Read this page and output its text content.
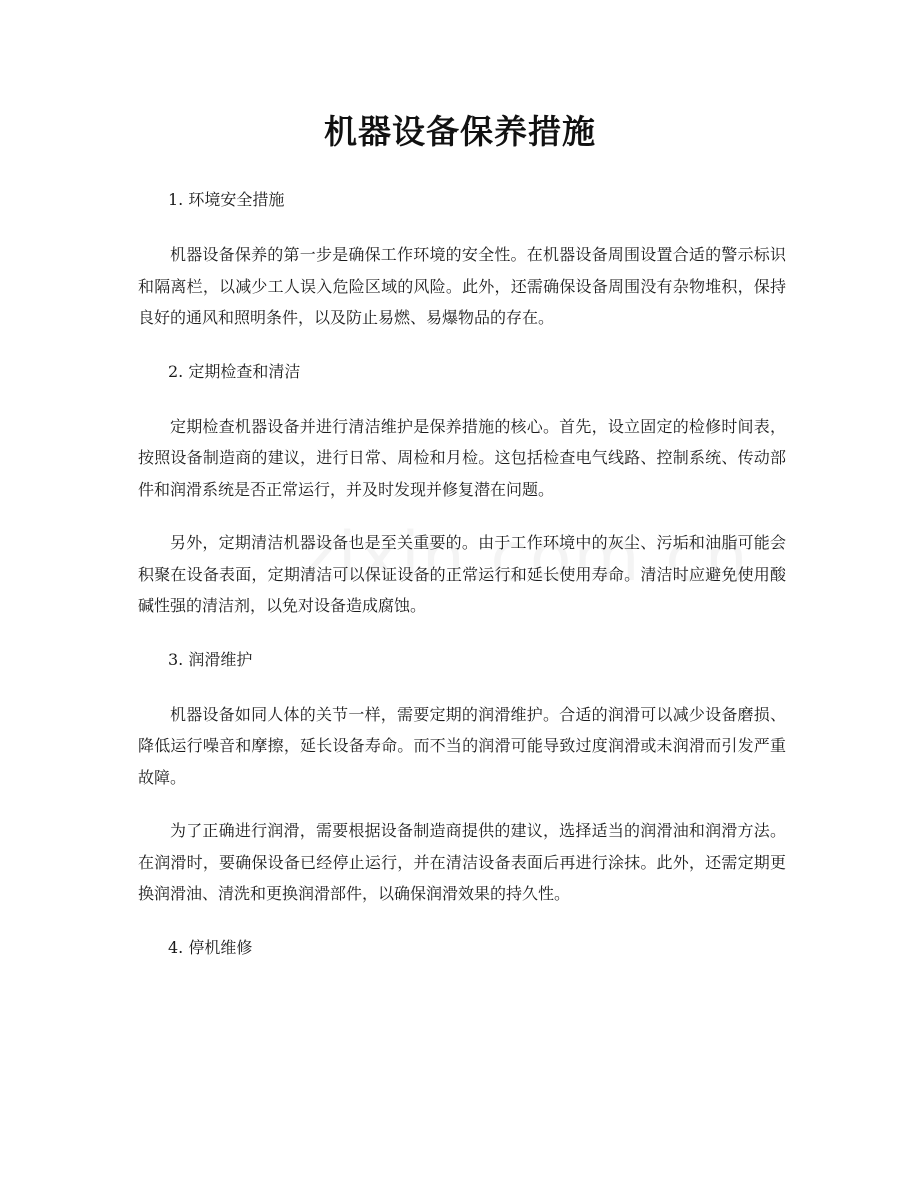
机器设备保养措施

1. 环境安全措施

机器设备保养的第一步是确保工作环境的安全性。在机器设备周围设置合适的警示标识和隔离栏，以减少工人误入危险区域的风险。此外，还需确保设备周围没有杂物堆积，保持良好的通风和照明条件，以及防止易燃、易爆物品的存在。

2. 定期检查和清洁

定期检查机器设备并进行清洁维护是保养措施的核心。首先，设立固定的检修时间表，按照设备制造商的建议，进行日常、周检和月检。这包括检查电气线路、控制系统、传动部件和润滑系统是否正常运行，并及时发现并修复潜在问题。

另外，定期清洁机器设备也是至关重要的。由于工作环境中的灰尘、污垢和油脂可能会积聚在设备表面，定期清洁可以保证设备的正常运行和延长使用寿命。清洁时应避免使用酸碱性强的清洁剂，以免对设备造成腐蚀。

3. 润滑维护

机器设备如同人体的关节一样，需要定期的润滑维护。合适的润滑可以减少设备磨损、降低运行噪音和摩擦，延长设备寿命。而不当的润滑可能导致过度润滑或未润滑而引发严重故障。

为了正确进行润滑，需要根据设备制造商提供的建议，选择适当的润滑油和润滑方法。在润滑时，要确保设备已经停止运行，并在清洁设备表面后再进行涂抹。此外，还需定期更换润滑油、清洗和更换润滑部件，以确保润滑效果的持久性。

4. 停机维修
